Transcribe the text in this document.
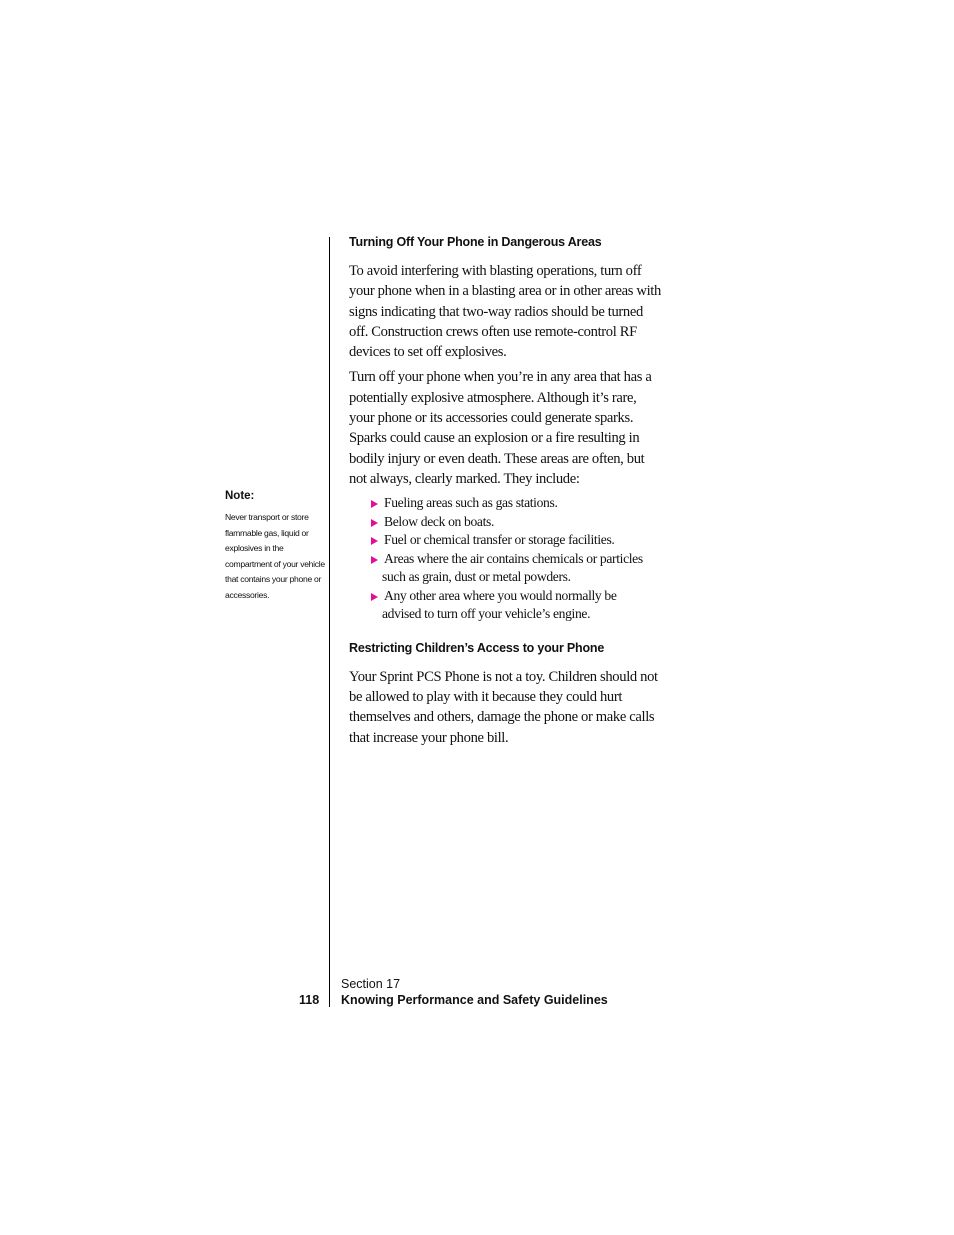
Note:

Never transport or store flammable gas, liquid or explosives in the compartment of your vehicle that contains your phone or accessories.

Turning Off Your Phone in Dangerous Areas

To avoid interfering with blasting operations, turn off your phone when in a blasting area or in other areas with signs indicating that two-way radios should be turned off. Construction crews often use remote-control RF devices to set off explosives.

Turn off your phone when you’re in any area that has a potentially explosive atmosphere. Although it’s rare, your phone or its accessories could generate sparks. Sparks could cause an explosion or a fire resulting in bodily injury or even death. These areas are often, but not always, clearly marked. They include:

Fueling areas such as gas stations.
Below deck on boats.
Fuel or chemical transfer or storage facilities.
Areas where the air contains chemicals or particles such as grain, dust or metal powders.
Any other area where you would normally be advised to turn off your vehicle’s engine.
Restricting Children’s Access to your Phone

Your Sprint PCS Phone is not a toy. Children should not be allowed to play with it because they could hurt themselves and others, damage the phone or make calls that increase your phone bill.

118
Section 17
Knowing Performance and Safety Guidelines
